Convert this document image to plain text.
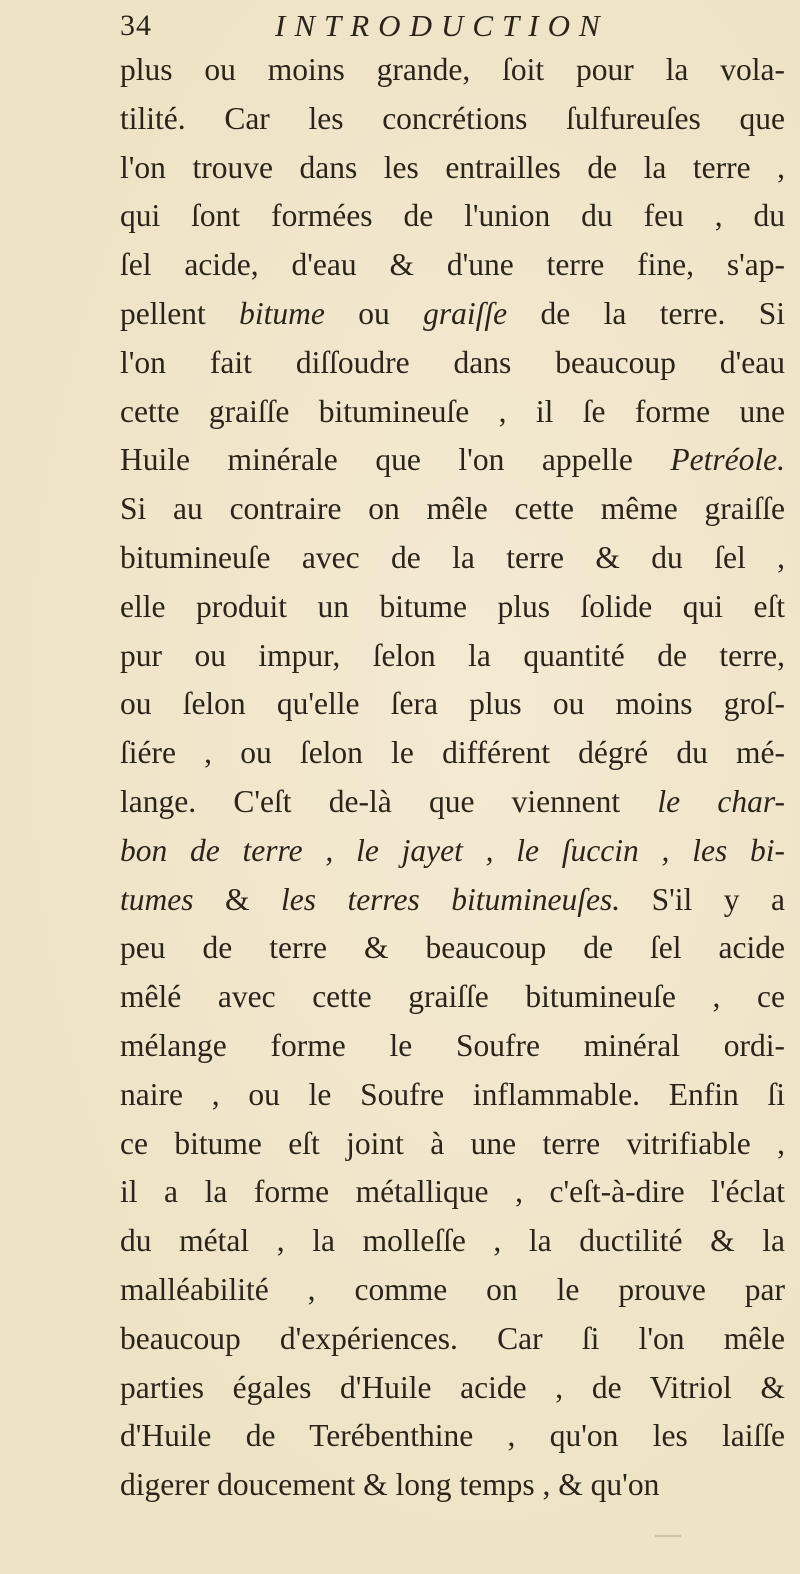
34	INTRODUCTION
plus ou moins grande, ſoit pour la vola-
tilité. Car les concrétions ſulfureuſes que
l'on trouve dans les entrailles de la terre ,
qui ſont formées de l'union du feu , du
ſel acide, d'eau & d'une terre fine, s'ap-
pellent bitume ou graiſſe de la terre. Si
l'on fait diſſoudre dans beaucoup d'eau
cette graiſſe bitumineuſe , il ſe forme une
Huile minérale que l'on appelle Petréole.
Si au contraire on mêle cette même graiſſe
bitumineuſe avec de la terre & du ſel ,
elle produit un bitume plus ſolide qui eſt
pur ou impur, ſelon la quantité de terre,
ou ſelon qu'elle ſera plus ou moins groſ-
ſiére , ou ſelon le différent dégré du mé-
lange. C'eſt de-là que viennent le char-
bon de terre , le jayet , le ſuccin , les bi-
tumes & les terres bitumineuſes. S'il y a
peu de terre & beaucoup de ſel acide
mêlé avec cette graiſſe bitumineuſe , ce
mélange forme le Soufre minéral ordi-
naire , ou le Soufre inflammable. Enfin ſi
ce bitume eſt joint à une terre vitrifiable ,
il a la forme métallique , c'eſt-à-dire l'éclat
du métal , la molleſſe , la ductilité & la
malléabilité , comme on le prouve par
beaucoup d'expériences. Car ſi l'on mêle
parties égales d'Huile acide , de Vitriol &
d'Huile de Terébenthine , qu'on les laiſſe
digerer doucement & long temps , & qu'on
